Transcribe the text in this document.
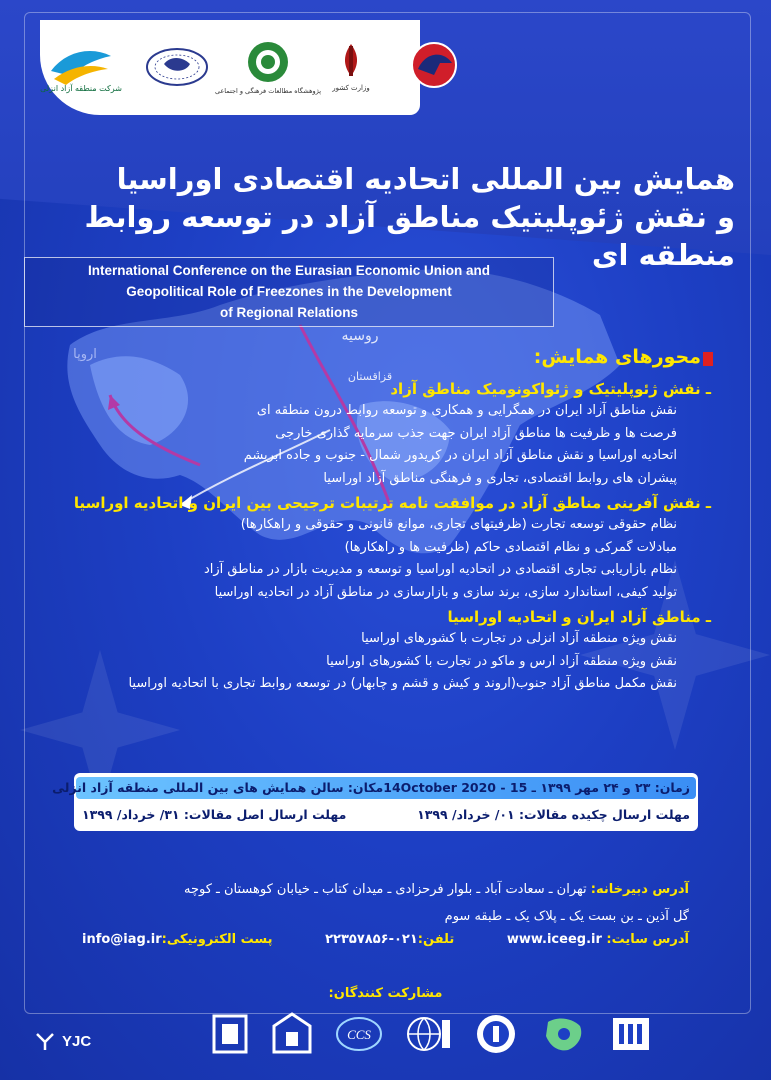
روسیه
قزاقستان
اروپا
شرکت منطقه آزاد انزلی	پژوهشگاه مطالعات فرهنگی و اجتماعی وزارت کشور
همایش بین المللی اتحادیه اقتصادی اوراسیا
و نقش ژئوپلیتیک مناطق آزاد در توسعه روابط منطقه ای
International Conference on the Eurasian Economic Union and
Geopolitical Role of Freezones in the Development
of Regional Relations
محورهای همایش:
ـ نقش ژئوپلیتیک و ژئواکونومیک مناطق آزاد
نقش مناطق آزاد ایران در همگرایی و همکاری و توسعه روابط درون منطقه ای
فرصت ها و ظرفیت ها مناطق آزاد ایران جهت جذب سرمایه گذاری خارجی
اتحادیه اوراسیا و نقش مناطق آزاد ایران در کریدور شمال - جنوب و جاده ابریشم
پیشران های روابط اقتصادی، تجاری و فرهنگی مناطق آزاد اوراسیا
ـ نقش آفرینی مناطق آزاد در موافقت نامه ترتیبات ترجیحی بین ایران و اتحادیه اوراسیا
نظام حقوقی توسعه تجارت (ظرفیتهای تجاری، موانع قانونی و حقوقی و راهکارها)
مبادلات گمرکی و نظام اقتصادی حاکم (ظرفیت ها و راهکارها)
نظام بازاریابی تجاری اقتصادی در اتحادیه اوراسیا و توسعه و مدیریت بازار در مناطق آزاد
تولید کیفی، استاندارد سازی، برند سازی و بازارسازی در مناطق آزاد در اتحادیه اوراسیا
ـ مناطق آزاد ایران و اتحادیه اوراسیا
نقش ویژه منطقه آزاد انزلی در تجارت با کشورهای اوراسیا
نقش ویژه منطقه آزاد ارس و ماکو در تجارت با کشورهای اوراسیا
نقش مکمل مناطق آزاد جنوب(اروند و کیش و قشم و چابهار) در توسعه روابط تجاری با اتحادیه اوراسیا
زمان: ۲۳ و ۲۴ مهر ۱۳۹۹ ـ 15 - 14October 2020
مکان: سالن همایش های بین المللی منطقه آزاد انزلی
مهلت ارسال چکیده مقالات: ۰۱/ خرداد/ ۱۳۹۹
مهلت ارسال اصل مقالات: ۳۱/ خرداد/ ۱۳۹۹
آدرس دبیرخانه: تهران ـ سعادت آباد ـ بلوار فرحزادی ـ میدان کتاب ـ خیابان کوهستان ـ کوچه
گل آذین ـ بن بست یک ـ پلاک یک ـ طبقه سوم
آدرس سایت: www.iceeg.ir
تلفن:۰۲۱-۲۲۳۵۷۸۵۶
پست الکترونیکی:info@iag.ir
مشارکت کنندگان:
CCS
YJC
